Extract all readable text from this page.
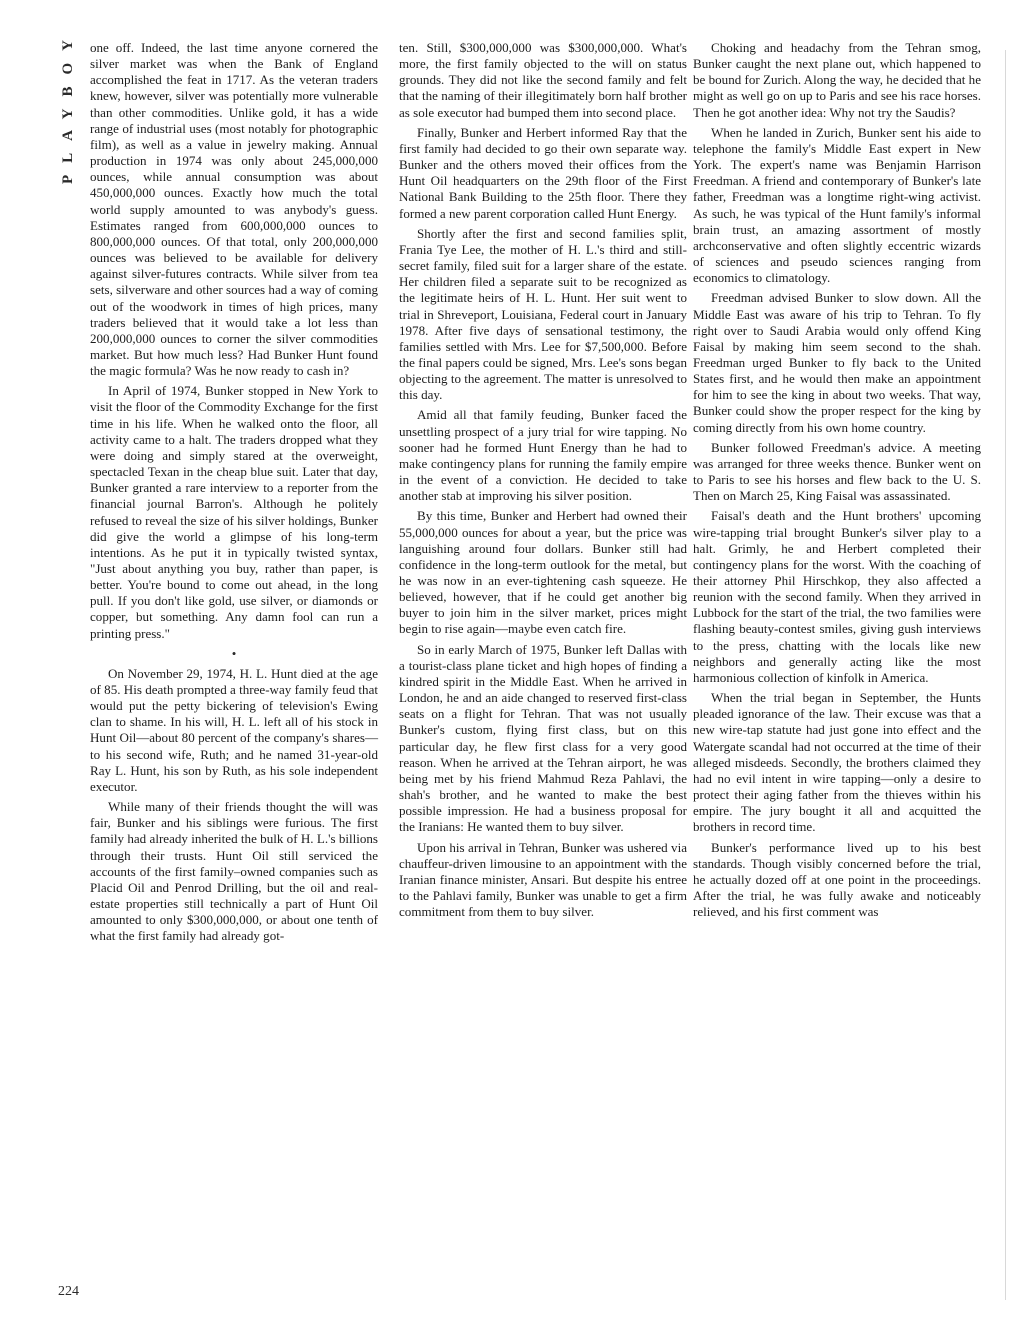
PLAYBOY
224

one off. Indeed, the last time anyone cornered the silver market was when the Bank of England accomplished the feat in 1717. As the veteran traders knew, however, silver was potentially more vulnerable than other commodities. Unlike gold, it has a wide range of industrial uses (most notably for photographic film), as well as a value in jewelry making. Annual production in 1974 was only about 245,000,000 ounces, while annual consumption was about 450,000,000 ounces. Exactly how much the total world supply amounted to was anybody's guess. Estimates ranged from 600,000,000 ounces to 800,000,000 ounces. Of that total, only 200,000,000 ounces was believed to be available for delivery against silver-futures contracts. While silver from tea sets, silverware and other sources had a way of coming out of the woodwork in times of high prices, many traders believed that it would take a lot less than 200,000,000 ounces to corner the silver commodities market. But how much less? Had Bunker Hunt found the magic formula? Was he now ready to cash in?

In April of 1974, Bunker stopped in New York to visit the floor of the Commodity Exchange for the first time in his life. When he walked onto the floor, all activity came to a halt. The traders dropped what they were doing and simply stared at the overweight, spectacled Texan in the cheap blue suit. Later that day, Bunker granted a rare interview to a reporter from the financial journal Barron's. Although he politely refused to reveal the size of his silver holdings, Bunker did give the world a glimpse of his long-term intentions. As he put it in typically twisted syntax, "Just about anything you buy, rather than paper, is better. You're bound to come out ahead, in the long pull. If you don't like gold, use silver, or diamonds or copper, but something. Any damn fool can run a printing press."

•

On November 29, 1974, H. L. Hunt died at the age of 85. His death prompted a three-way family feud that would put the petty bickering of television's Ewing clan to shame. In his will, H. L. left all of his stock in Hunt Oil—about 80 percent of the company's shares—to his second wife, Ruth; and he named 31-year-old Ray L. Hunt, his son by Ruth, as his sole independent executor.

While many of their friends thought the will was fair, Bunker and his siblings were furious. The first family had already inherited the bulk of H. L.'s billions through their trusts. Hunt Oil still serviced the accounts of the first family–owned companies such as Placid Oil and Penrod Drilling, but the oil and real-estate properties still technically a part of Hunt Oil amounted to only $300,000,000, or about one tenth of what the first family had already got-

ten. Still, $300,000,000 was $300,000,000. What's more, the first family objected to the will on status grounds. They did not like the second family and felt that the naming of their illegitimately born half brother as sole executor had bumped them into second place.

Finally, Bunker and Herbert informed Ray that the first family had decided to go their own separate way. Bunker and the others moved their offices from the Hunt Oil headquarters on the 29th floor of the First National Bank Building to the 25th floor. There they formed a new parent corporation called Hunt Energy.

Shortly after the first and second families split, Frania Tye Lee, the mother of H. L.'s third and still-secret family, filed suit for a larger share of the estate. Her children filed a separate suit to be recognized as the legitimate heirs of H. L. Hunt. Her suit went to trial in Shreveport, Louisiana, Federal court in January 1978. After five days of sensational testimony, the families settled with Mrs. Lee for $7,500,000. Before the final papers could be signed, Mrs. Lee's sons began objecting to the agreement. The matter is unresolved to this day.

Amid all that family feuding, Bunker faced the unsettling prospect of a jury trial for wire tapping. No sooner had he formed Hunt Energy than he had to make contingency plans for running the family empire in the event of a conviction. He decided to take another stab at improving his silver position.

By this time, Bunker and Herbert had owned their 55,000,000 ounces for about a year, but the price was languishing around four dollars. Bunker still had confidence in the long-term outlook for the metal, but he was now in an ever-tightening cash squeeze. He believed, however, that if he could get another big buyer to join him in the silver market, prices might begin to rise again—maybe even catch fire.

So in early March of 1975, Bunker left Dallas with a tourist-class plane ticket and high hopes of finding a kindred spirit in the Middle East. When he arrived in London, he and an aide changed to reserved first-class seats on a flight for Tehran. That was not usually Bunker's custom, flying first class, but on this particular day, he flew first class for a very good reason. When he arrived at the Tehran airport, he was being met by his friend Mahmud Reza Pahlavi, the shah's brother, and he wanted to make the best possible impression. He had a business proposal for the Iranians: He wanted them to buy silver.

Upon his arrival in Tehran, Bunker was ushered via chauffeur-driven limousine to an appointment with the Iranian finance minister, Ansari. But despite his entree to the Pahlavi family, Bunker was unable to get a firm commitment from them to buy silver.

Choking and headachy from the Tehran smog, Bunker caught the next plane out, which happened to be bound for Zurich. Along the way, he decided that he might as well go on up to Paris and see his race horses. Then he got another idea: Why not try the Saudis?

When he landed in Zurich, Bunker sent his aide to telephone the family's Middle East expert in New York. The expert's name was Benjamin Harrison Freedman. A friend and contemporary of Bunker's late father, Freedman was a longtime right-wing activist. As such, he was typical of the Hunt family's informal brain trust, an amazing assortment of mostly archconservative and often slightly eccentric wizards of sciences and pseudo sciences ranging from economics to climatology.

Freedman advised Bunker to slow down. All the Middle East was aware of his trip to Tehran. To fly right over to Saudi Arabia would only offend King Faisal by making him seem second to the shah. Freedman urged Bunker to fly back to the United States first, and he would then make an appointment for him to see the king in about two weeks. That way, Bunker could show the proper respect for the king by coming directly from his own home country.

Bunker followed Freedman's advice. A meeting was arranged for three weeks thence. Bunker went on to Paris to see his horses and flew back to the U. S. Then on March 25, King Faisal was assassinated.

Faisal's death and the Hunt brothers' upcoming wire-tapping trial brought Bunker's silver play to a halt. Grimly, he and Herbert completed their contingency plans for the worst. With the coaching of their attorney Phil Hirschkop, they also affected a reunion with the second family. When they arrived in Lubbock for the start of the trial, the two families were flashing beauty-contest smiles, giving gush interviews to the press, chatting with the locals like new neighbors and generally acting like the most harmonious collection of kinfolk in America.

When the trial began in September, the Hunts pleaded ignorance of the law. Their excuse was that a new wire-tap statute had just gone into effect and the Watergate scandal had not occurred at the time of their alleged misdeeds. Secondly, the brothers claimed they had no evil intent in wire tapping—only a desire to protect their aging father from the thieves within his empire. The jury bought it all and acquitted the brothers in record time.

Bunker's performance lived up to his best standards. Though visibly concerned before the trial, he actually dozed off at one point in the proceedings. After the trial, he was fully awake and noticeably relieved, and his first comment was
